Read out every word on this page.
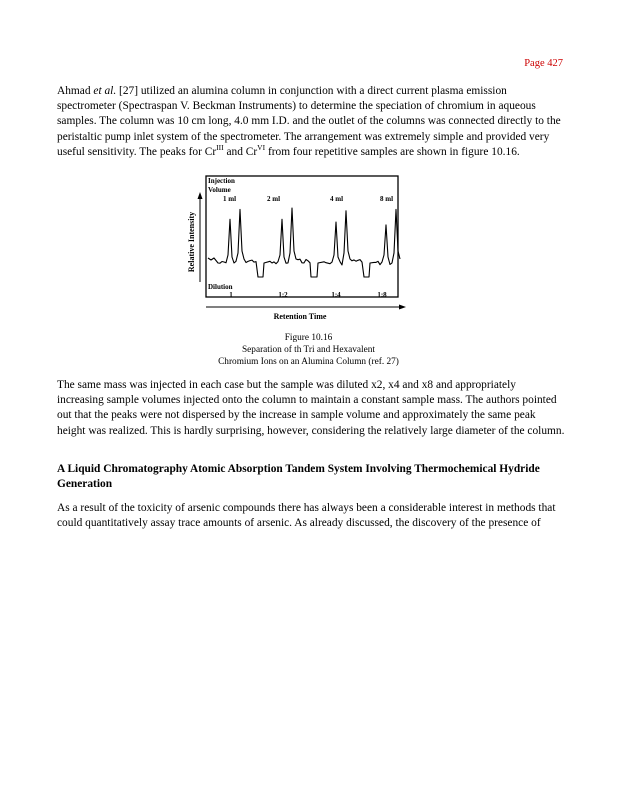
Page 427

Ahmad et al. [27] utilized an alumina column in conjunction with a direct current plasma emission spectrometer (Spectraspan V. Beckman Instruments) to determine the speciation of chromium in aqueous samples. The column was 10 cm long, 4.0 mm I.D. and the outlet of the columns was connected directly to the peristaltic pump inlet system of the spectrometer. The arrangement was extremely simple and provided very useful sensitivity. The peaks for $Cr^{III}$ and $Cr^{VI}$ from four repetitive samples are shown in figure 10.16.

Relative Intensity
Retention Time
Injection
Volume
1 ml	2 ml	4 ml	8 ml
Dilution
1	1:2	1:4	1:8
Figure 10.16
Separation of th Tri and Hexavalent
Chromium Ions on an Alumina Column (ref. 27)

The same mass was injected in each case but the sample was diluted x2, x4 and x8 and appropriately increasing sample volumes injected onto the column to maintain a constant sample mass. The authors pointed out that the peaks were not dispersed by the increase in sample volume and approximately the same peak height was realized. This is hardly surprising, however, considering the relatively large diameter of the column.

A Liquid Chromatography Atomic Absorption Tandem System Involving Thermochemical Hydride Generation

As a result of the toxicity of arsenic compounds there has always been a considerable interest in methods that could quantitatively assay trace amounts of arsenic. As already discussed, the discovery of the presence of
